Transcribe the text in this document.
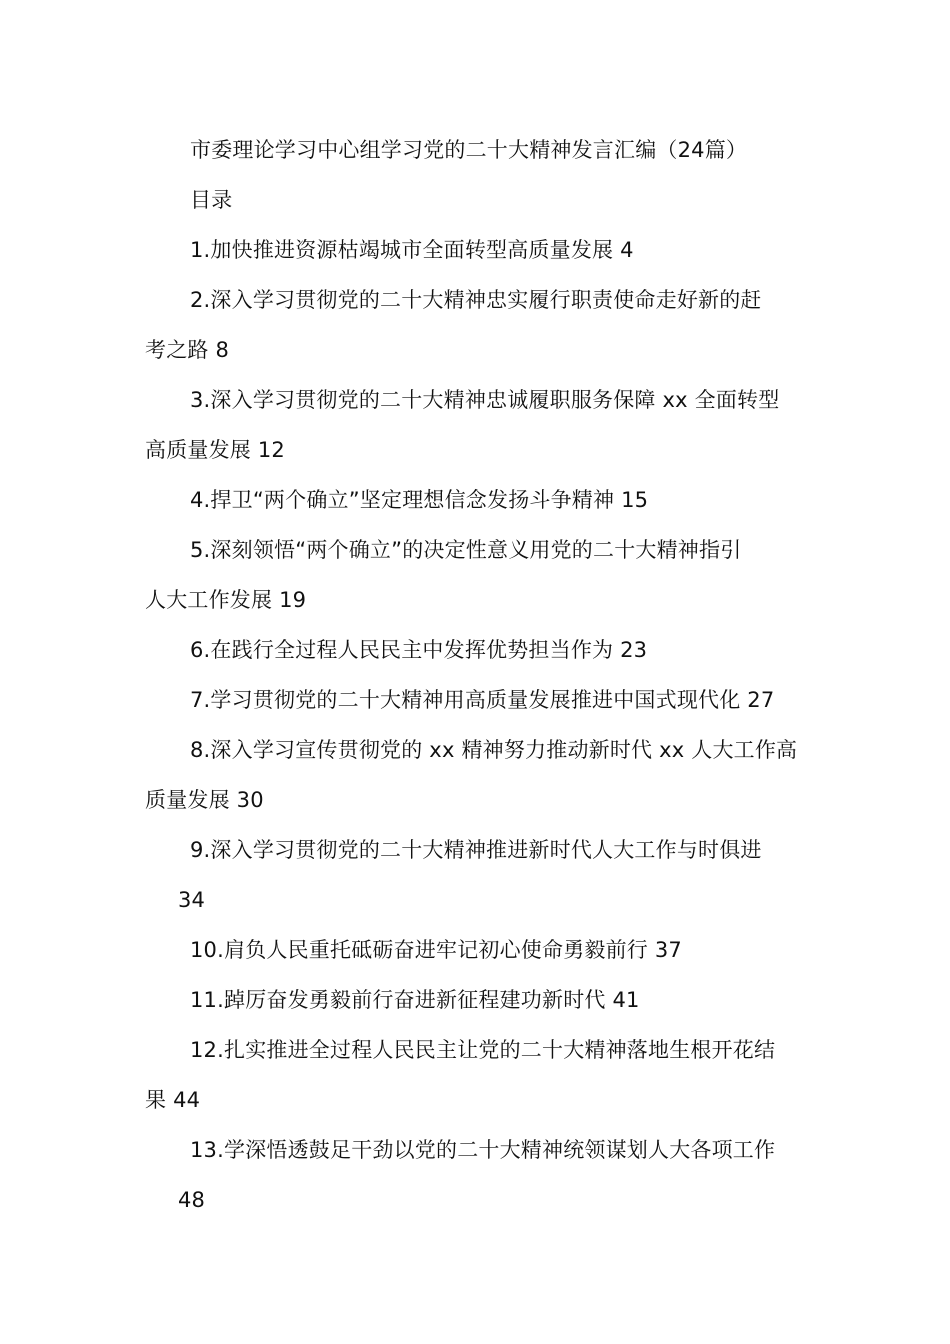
市委理论学习中心组学习党的二十大精神发言汇编（24篇）
目录
1.加快推进资源枯竭城市全面转型高质量发展 4
2.深入学习贯彻党的二十大精神忠实履行职责使命走好新的赶
考之路 8
3.深入学习贯彻党的二十大精神忠诚履职服务保障 xx 全面转型
高质量发展 12
4.捍卫“两个确立”坚定理想信念发扬斗争精神 15
5.深刻领悟“两个确立”的决定性意义用党的二十大精神指引
人大工作发展 19
6.在践行全过程人民民主中发挥优势担当作为 23
7.学习贯彻党的二十大精神用高质量发展推进中国式现代化 27
8.深入学习宣传贯彻党的 xx 精神努力推动新时代 xx 人大工作高
质量发展 30
9.深入学习贯彻党的二十大精神推进新时代人大工作与时俱进
34
10.肩负人民重托砥砺奋进牢记初心使命勇毅前行 37
11.踔厉奋发勇毅前行奋进新征程建功新时代 41
12.扎实推进全过程人民民主让党的二十大精神落地生根开花结
果 44
13.学深悟透鼓足干劲以党的二十大精神统领谋划人大各项工作
48
